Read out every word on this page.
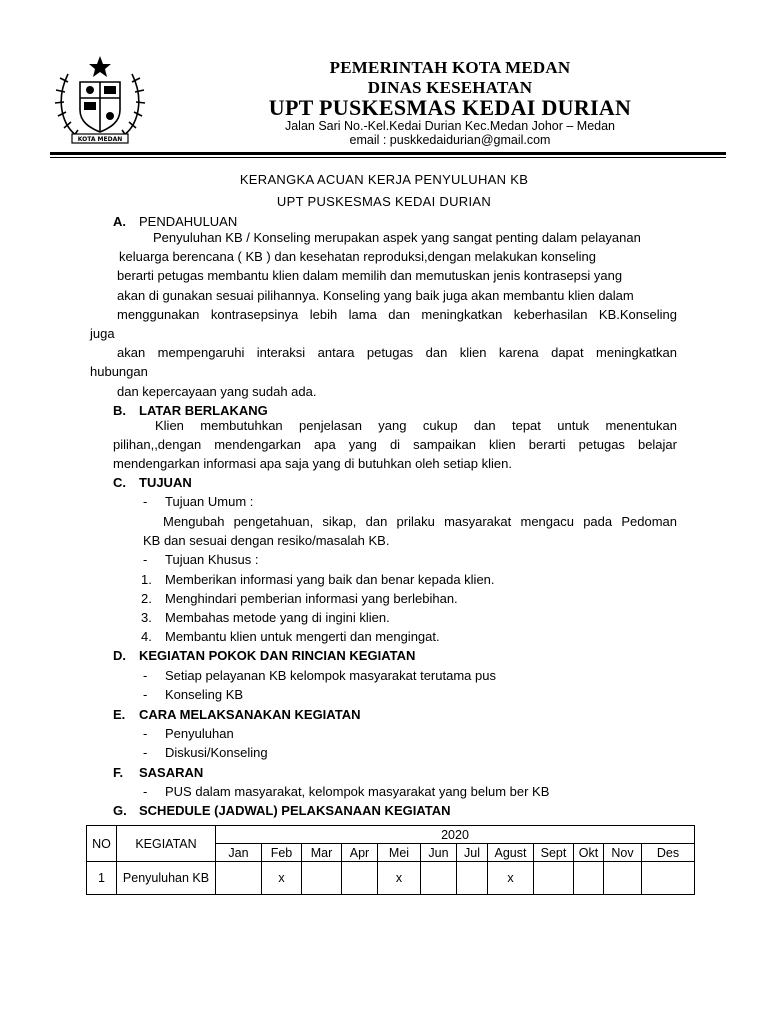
KOTA MEDAN
PEMERINTAH KOTA MEDAN
DINAS KESEHATAN
UPT PUSKESMAS KEDAI DURIAN
Jalan Sari No.-Kel.Kedai Durian Kec.Medan Johor – Medan
email : puskkedaidurian@gmail.com
KERANGKA ACUAN KERJA PENYULUHAN KB
UPT PUSKESMAS KEDAI DURIAN
A. PENDAHULUAN
Penyuluhan KB / Konseling merupakan aspek yang sangat penting dalam pelayanan
keluarga berencana ( KB ) dan kesehatan reproduksi,dengan melakukan konseling
berarti petugas membantu klien dalam memilih dan memutuskan jenis kontrasepsi yang
akan di gunakan sesuai pilihannya. Konseling yang baik juga akan membantu klien dalam
menggunakan kontrasepsinya lebih lama dan meningkatkan keberhasilan KB.Konseling
juga
akan mempengaruhi interaksi antara petugas dan klien karena dapat meningkatkan
hubungan
dan kepercayaan yang sudah ada.
B. LATAR BERLAKANG
Klien membutuhkan penjelasan yang cukup dan tepat untuk menentukan
pilihan,,dengan mendengarkan apa yang di sampaikan klien berarti petugas belajar
mendengarkan informasi apa saja yang di butuhkan oleh setiap klien.
C. TUJUAN
- Tujuan Umum :
Mengubah pengetahuan, sikap, dan prilaku masyarakat mengacu pada Pedoman
KB dan sesuai dengan resiko/masalah KB.
- Tujuan Khusus :
1. Memberikan informasi yang baik dan benar kepada klien.
2. Menghindari pemberian informasi yang berlebihan.
3. Membahas metode yang di ingini klien.
4. Membantu klien untuk mengerti dan mengingat.
D. KEGIATAN POKOK DAN RINCIAN KEGIATAN
- Setiap pelayanan KB kelompok masyarakat terutama pus
- Konseling KB
E. CARA MELAKSANAKAN KEGIATAN
- Penyuluhan
- Diskusi/Konseling
F. SASARAN
- PUS dalam masyarakat, kelompok masyarakat yang belum ber KB
G. SCHEDULE (JADWAL) PELAKSANAAN KEGIATAN
NO	KEGIATAN	2020											
		Jan	Feb	Mar	Apr	Mei	Jun	Jul	Agust	Sept	Okt	Nov	Des
1	Penyuluhan KB		x			x			x				
